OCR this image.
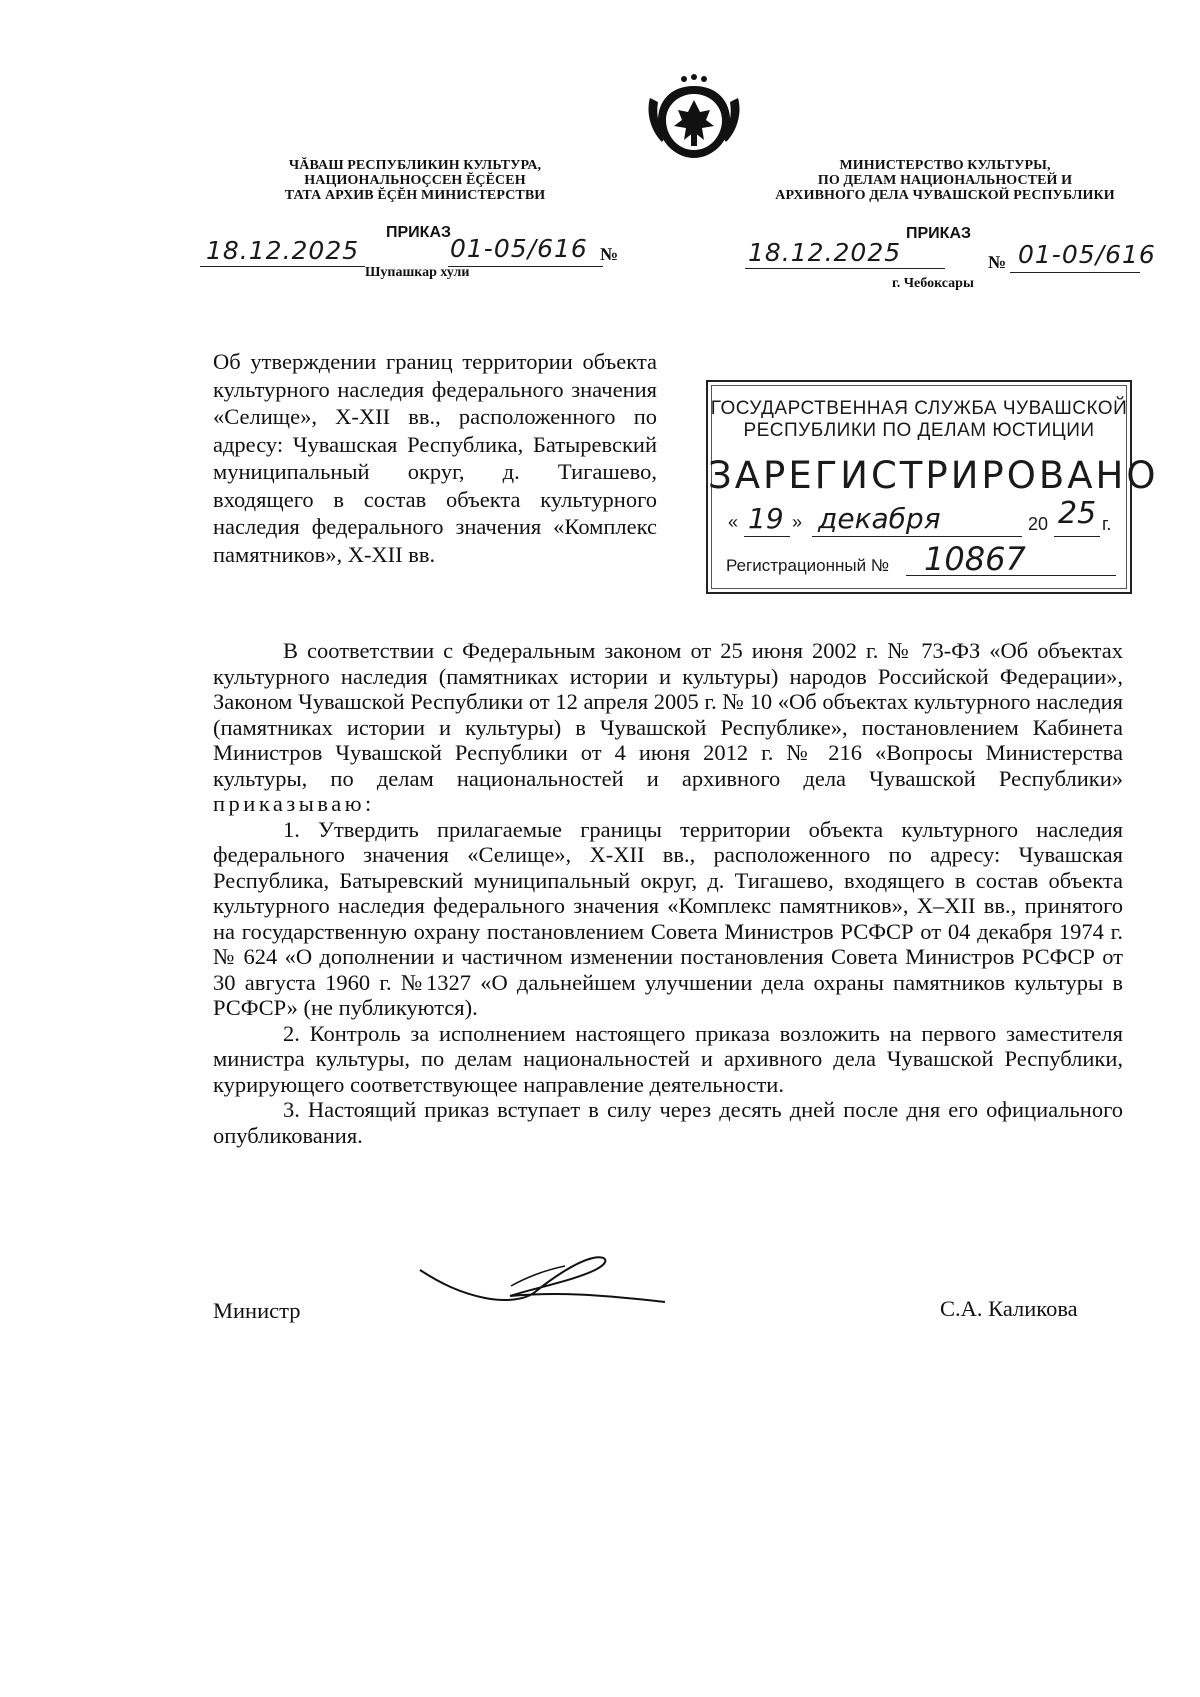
ЧĂВАШ РЕСПУБЛИКИН КУЛЬТУРА,
НАЦИОНАЛЬНОÇСЕН ĔÇĔСЕН
ТАТА АРХИВ ĔÇĔН МИНИСТЕРСТВИ
ПРИКАЗ
18.12.2025	01-05/616 №
Шупашкар хули
МИНИСТЕРСТВО КУЛЬТУРЫ,
ПО ДЕЛАМ НАЦИОНАЛЬНОСТЕЙ И
АРХИВНОГО ДЕЛА ЧУВАШСКОЙ РЕСПУБЛИКИ
ПРИКАЗ
18.12.2025	№ 01-05/616
г. Чебоксары
Об утверждении границ территории объекта культурного наследия федерального значения «Селище», X-XII вв., расположенного по адресу: Чувашская Республика, Батыревский муниципальный округ, д. Тигашево, входящего в состав объекта культурного наследия федерального значения «Комплекс памятников», X-XII вв.
ГОСУДАРСТВЕННАЯ СЛУЖБА ЧУВАШСКОЙ
РЕСПУБЛИКИ ПО ДЕЛАМ ЮСТИЦИИ
ЗАРЕГИСТРИРОВАНО
« 19 » декабря	20 25 г.
Регистрационный № 10867

В соответствии с Федеральным законом от 25 июня 2002 г. № 73-ФЗ «Об объектах культурного наследия (памятниках истории и культуры) народов Российской Федерации», Законом Чувашской Республики от 12 апреля 2005 г. № 10 «Об объектах культурного наследия (памятниках истории и культуры) в Чувашской Республике», постановлением Кабинета Министров Чувашской Республики от 4 июня 2012 г. № 216 «Вопросы Министерства культуры, по делам национальностей и архивного дела Чувашской Республики» приказываю:

1. Утвердить прилагаемые границы территории объекта культурного наследия федерального значения «Селище», X-XII вв., расположенного по адресу: Чувашская Республика, Батыревский муниципальный округ, д. Тигашево, входящего в состав объекта культурного наследия федерального значения «Комплекс памятников», X–XII вв., принятого на государственную охрану постановлением Совета Министров РСФСР от 04 декабря 1974 г. № 624 «О дополнении и частичном изменении постановления Совета Министров РСФСР от 30 августа 1960 г. №1327 «О дальнейшем улучшении дела охраны памятников культуры в РСФСР» (не публикуются).

2. Контроль за исполнением настоящего приказа возложить на первого заместителя министра культуры, по делам национальностей и архивного дела Чувашской Республики, курирующего соответствующее направление деятельности.

3. Настоящий приказ вступает в силу через десять дней после дня его официального опубликования.

Министр	С.А. Каликова
